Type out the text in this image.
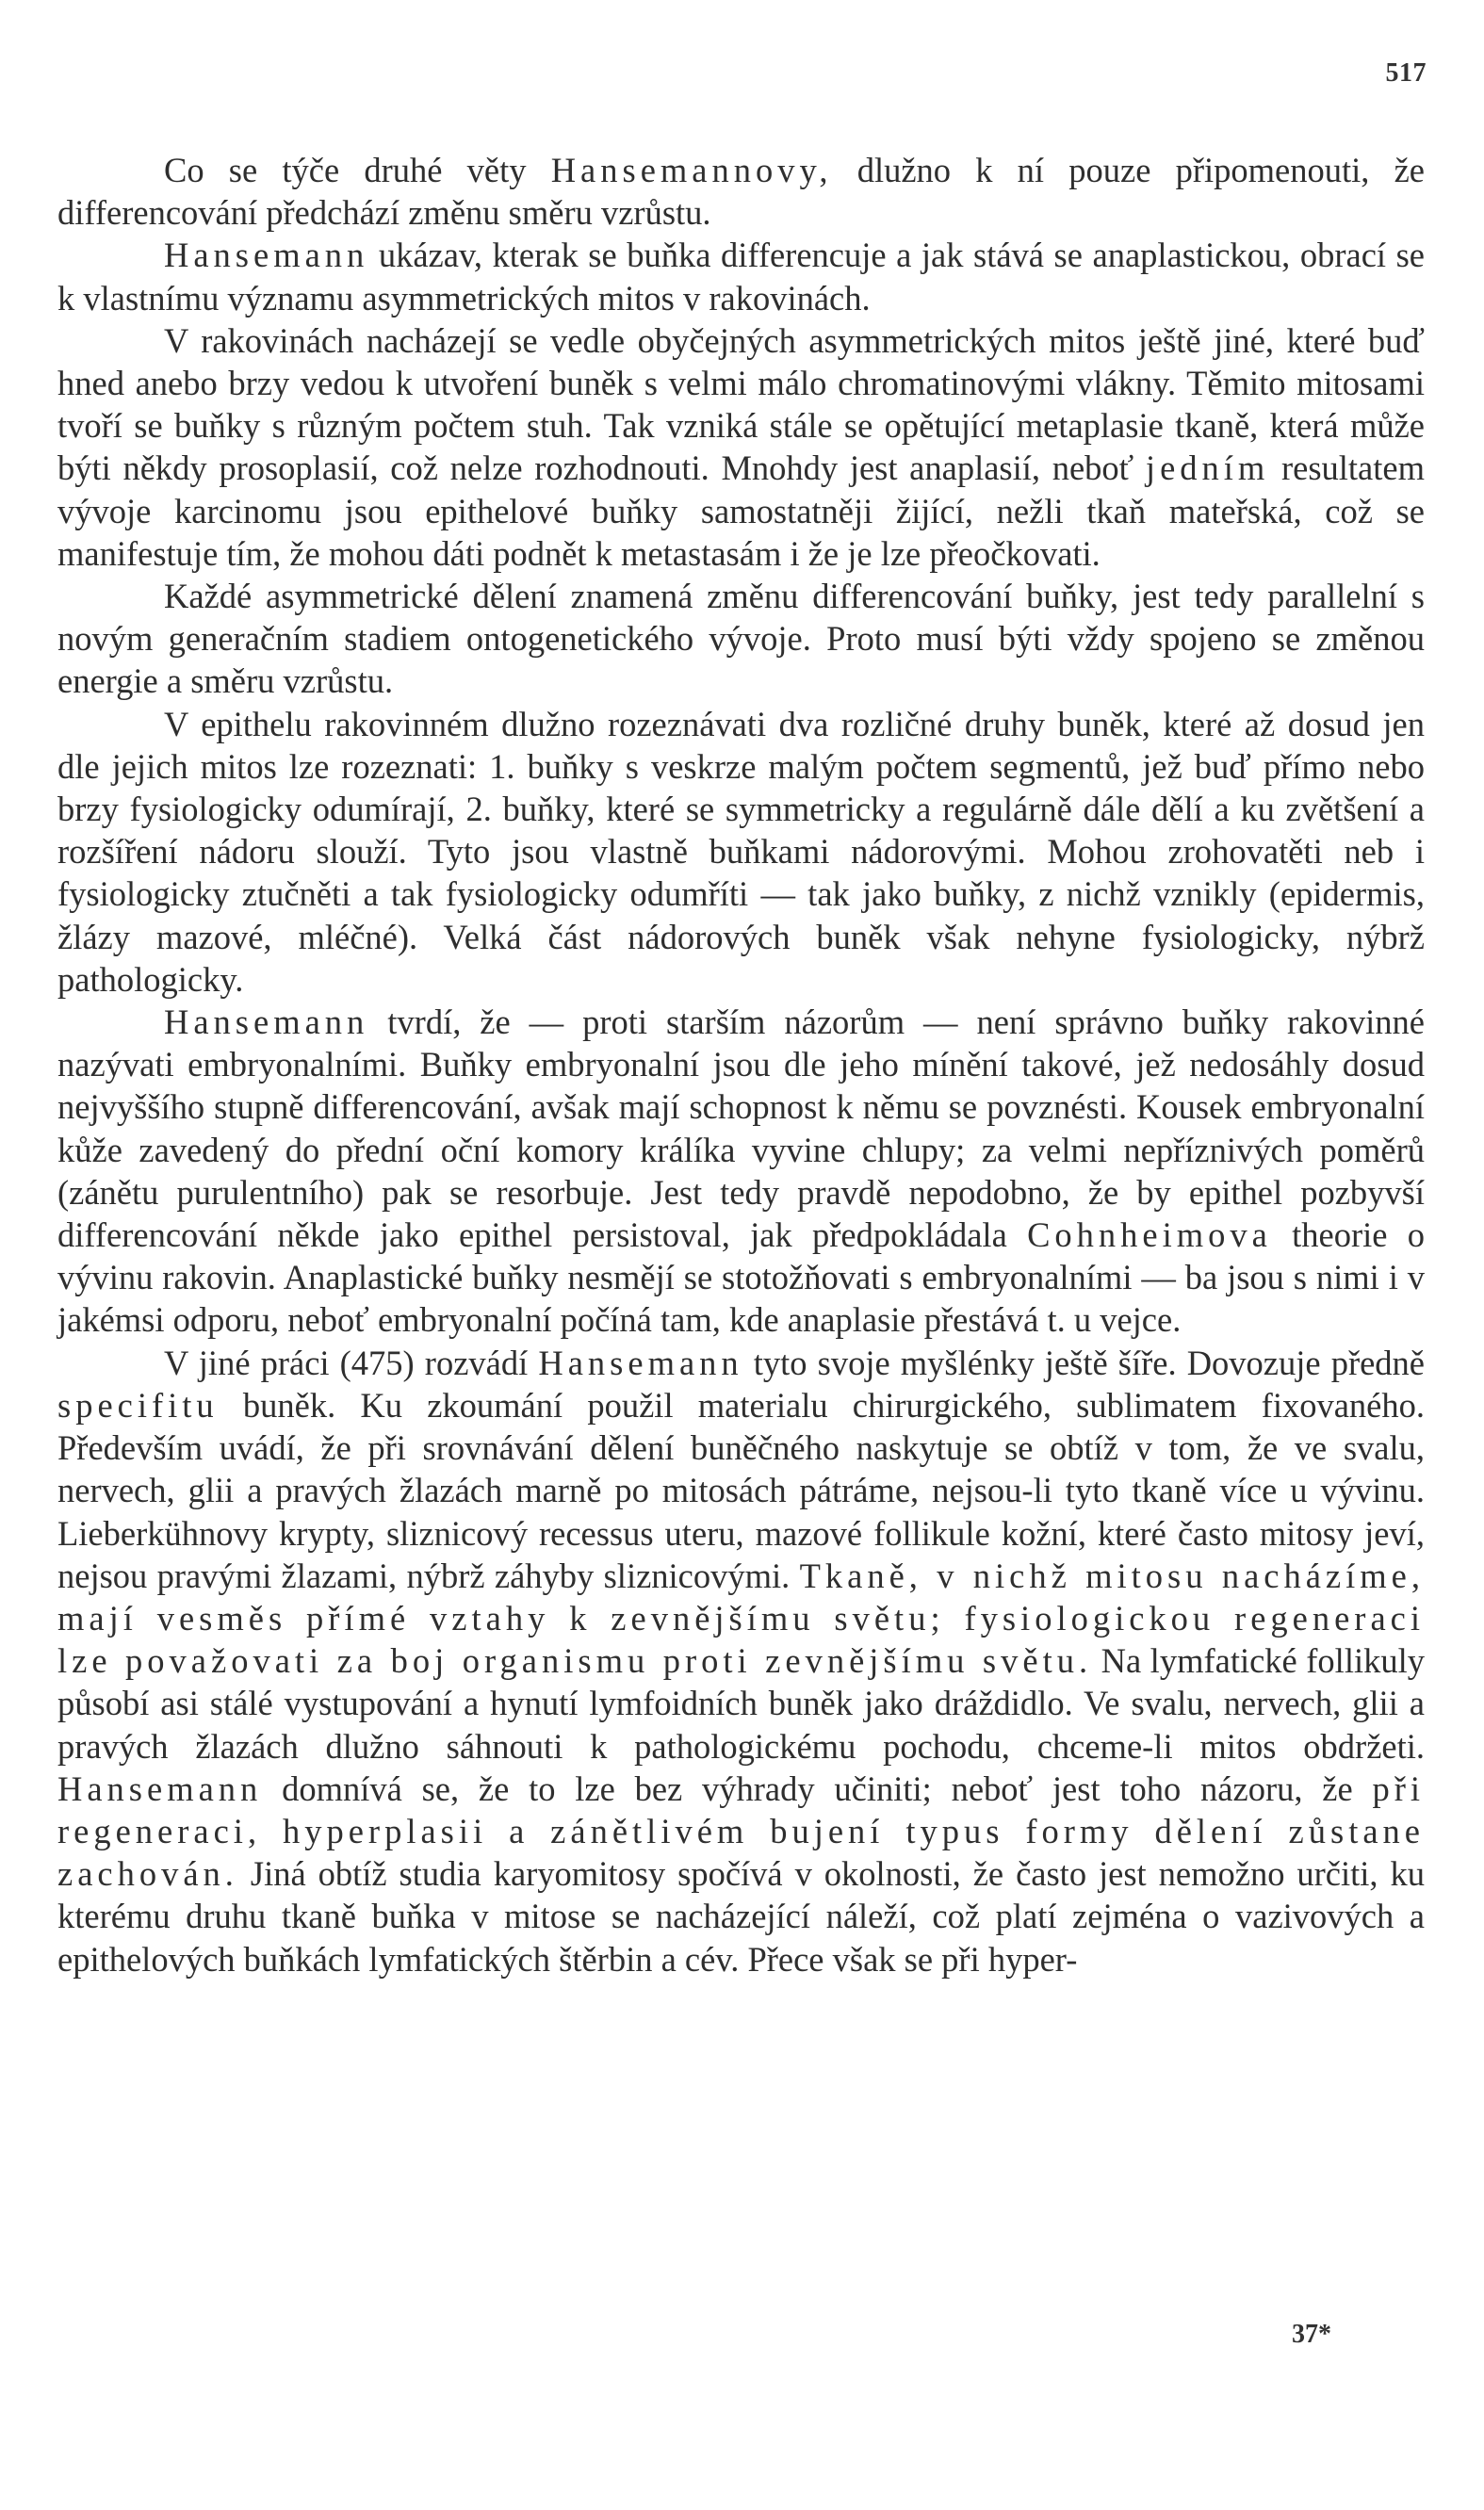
517

Co se týče druhé věty Hansemannovy, dlužno k ní pouze připomenouti, že differencování předchází změnu směru vzrůstu.

Hansemann ukázav, kterak se buňka differencuje a jak stává se anaplastickou, obrací se k vlastnímu významu asymmetrických mitos v rakovinách.

V rakovinách nacházejí se vedle obyčejných asymmetrických mitos ještě jiné, které buď hned anebo brzy vedou k utvoření buněk s velmi málo chromatinovými vlákny. Těmito mitosami tvoří se buňky s různým počtem stuh. Tak vzniká stále se opětující metaplasie tkaně, která může býti někdy prosoplasií, což nelze rozhodnouti. Mnohdy jest anaplasií, neboť jedním resultatem vývoje karcinomu jsou epithelové buňky samostatněji žijící, nežli tkaň mateřská, což se manifestuje tím, že mohou dáti podnět k metastasám i že je lze přeočkovati.

Každé asymmetrické dělení znamená změnu differencování buňky, jest tedy parallelní s novým generačním stadiem ontogenetického vývoje. Proto musí býti vždy spojeno se změnou energie a směru vzrůstu.

V epithelu rakovinném dlužno rozeznávati dva rozličné druhy buněk, které až dosud jen dle jejich mitos lze rozeznati: 1. buňky s veskrze malým počtem segmentů, jež buď přímo nebo brzy fysiologicky odumírají, 2. buňky, které se symmetricky a regulárně dále dělí a ku zvětšení a rozšíření nádoru slouží. Tyto jsou vlastně buňkami nádorovými. Mohou zrohovatěti neb i fysiologicky ztučněti a tak fysiologicky odumříti — tak jako buňky, z nichž vznikly (epidermis, žlázy mazové, mléčné). Velká část nádorových buněk však nehyne fysiologicky, nýbrž pathologicky.

Hansemann tvrdí, že — proti starším názorům — není správno buňky rakovinné nazývati embryonalními. Buňky embryonalní jsou dle jeho mínění takové, jež nedosáhly dosud nejvyššího stupně differencování, avšak mají schopnost k němu se povznésti. Kousek embryonalní kůže zavedený do přední oční komory králíka vyvine chlupy; za velmi nepříznivých poměrů (zánětu purulentního) pak se resorbuje. Jest tedy pravdě nepodobno, že by epithel pozbyvší differencování někde jako epithel persistoval, jak předpokládala Cohnheimova theorie o vývinu rakovin. Anaplastické buňky nesmějí se stotožňovati s embryonalními — ba jsou s nimi i v jakémsi odporu, neboť embryonalní počíná tam, kde anaplasie přestává t. u vejce.

V jiné práci (475) rozvádí Hansemann tyto svoje myšlénky ještě šíře. Dovozuje předně specifitu buněk. Ku zkoumání použil materialu chirurgického, sublimatem fixovaného. Především uvádí, že při srovnávání dělení buněčného naskytuje se obtíž v tom, že ve svalu, nervech, glii a pravých žlazách marně po mitosách pátráme, nejsou-li tyto tkaně více u vývinu. Lieberkühnovy krypty, sliznicový recessus uteru, mazové follikule kožní, které často mitosy jeví, nejsou pravými žlazami, nýbrž záhyby sliznicovými. Tkaně, v nichž mitosu nacházíme, mají vesměs přímé vztahy k zevnějšímu světu; fysiologickou regeneraci lze považovati za boj organismu proti zevnějšímu světu. Na lymfatické follikuly působí asi stálé vystupování a hynutí lymfoidních buněk jako dráždidlo. Ve svalu, nervech, glii a pravých žlazách dlužno sáhnouti k pathologickému pochodu, chceme-li mitos obdržeti. Hansemann domnívá se, že to lze bez výhrady učiniti; neboť jest toho názoru, že při regeneraci, hyperplasii a zánětlivém bujení typus formy dělení zůstane zachován. Jiná obtíž studia karyomitosy spočívá v okolnosti, že často jest nemožno určiti, ku kterému druhu tkaně buňka v mitose se nacházející náleží, což platí zejména o vazivových a epithelových buňkách lymfatických štěrbin a cév. Přece však se při hyper-

37*
